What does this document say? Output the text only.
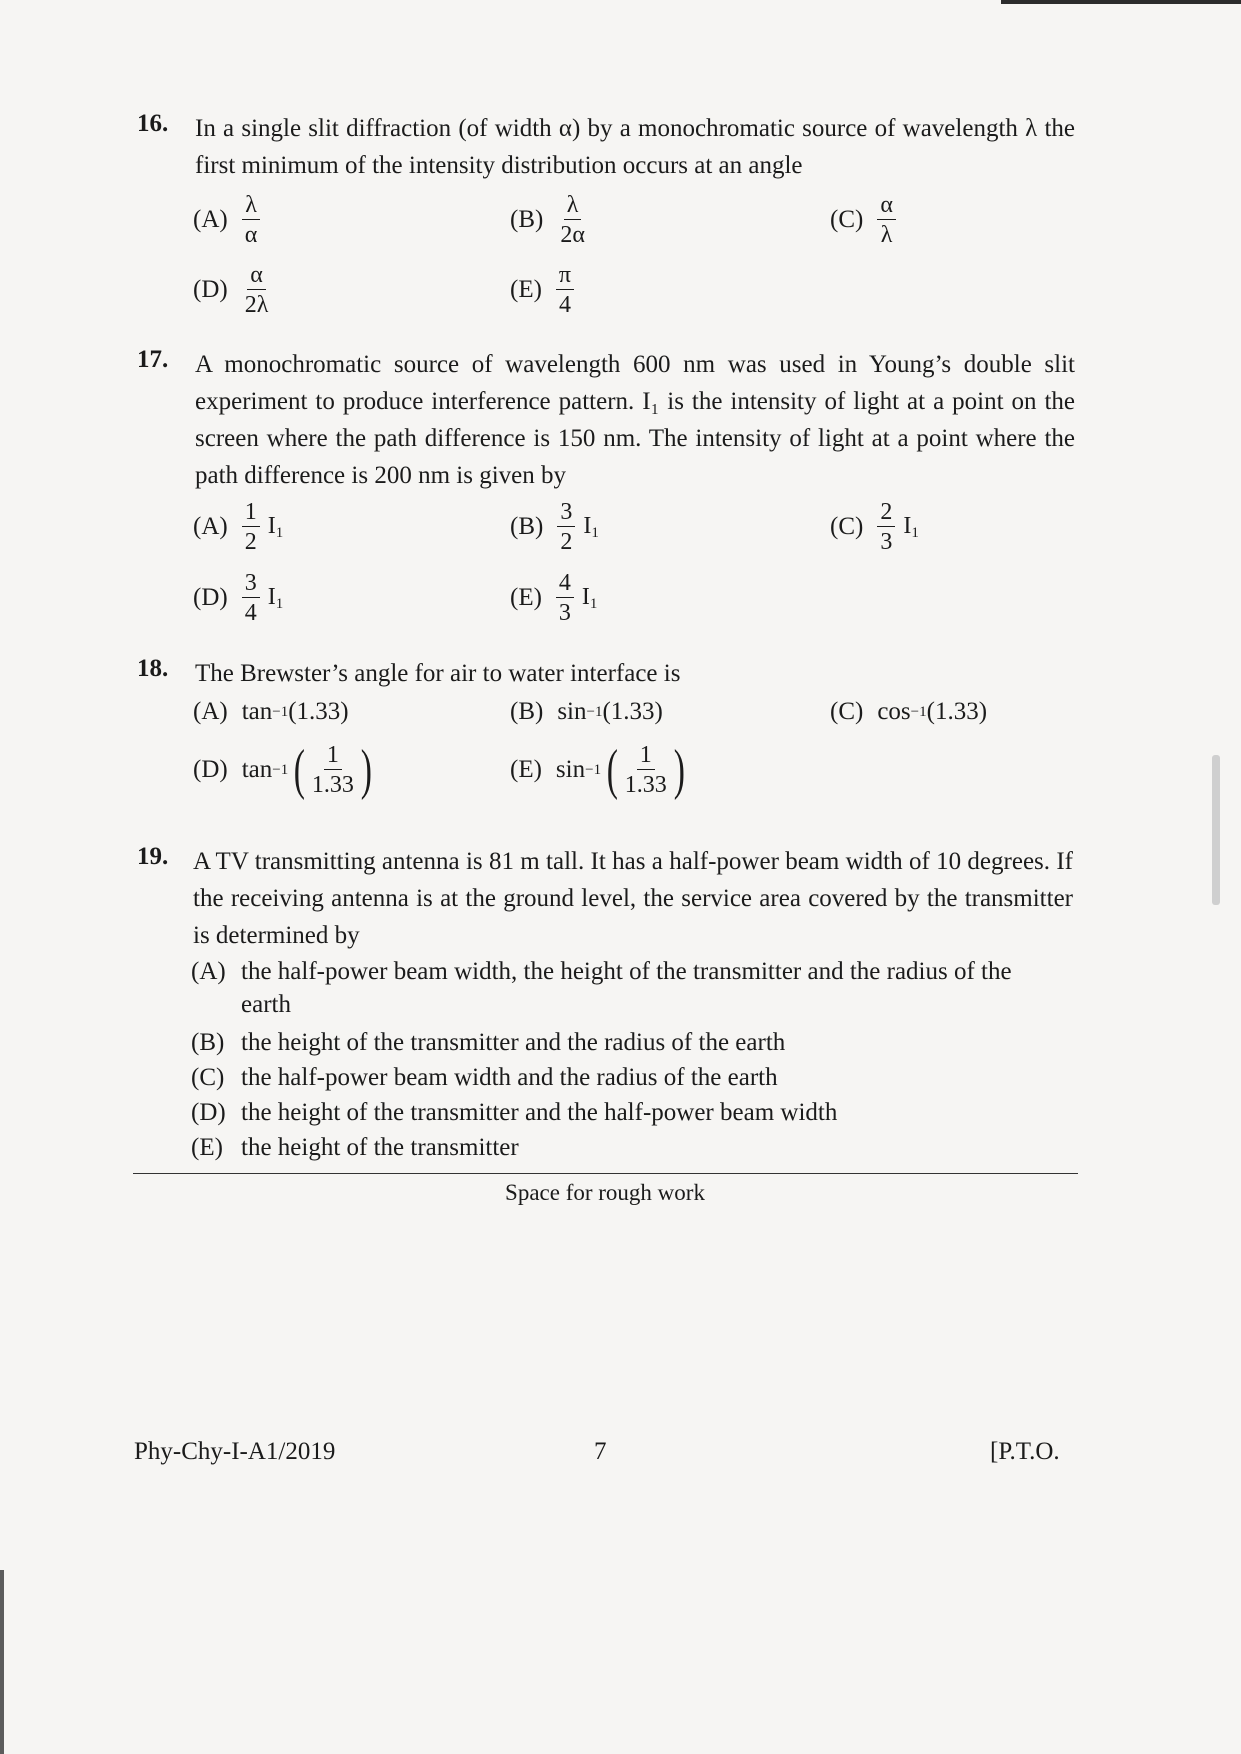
16. In a single slit diffraction (of width α) by a monochromatic source of wavelength λ the first minimum of the intensity distribution occurs at an angle
$(A) \frac{\lambda}{\alpha}$	$(B) \frac{\lambda}{2\alpha}$	$(C) \frac{\alpha}{\lambda}$
$(D) \frac{\alpha}{2\lambda}$	$(E) \frac{\pi}{4}$
17. A monochromatic source of wavelength 600 nm was used in Young’s double slit experiment to produce interference pattern. I₁ is the intensity of light at a point on the screen where the path difference is 150 nm. The intensity of light at a point where the path difference is 200 nm is given by
$(A) \frac{1}{2} I_1$	$(B) \frac{3}{2} I_1$	$(C) \frac{2}{3} I_1$
$(D) \frac{3}{4} I_1$	$(E) \frac{4}{3} I_1$
18. The Brewster’s angle for air to water interface is
(A) tan −1 (1.33)	(B) sin −1 (1.33)	(C) cos −1 (1.33)
(D) tan −1 ( $\frac{1}{1.33}$ )	(E) sin −1 ( $\frac{1}{1.33}$ )
19. A TV transmitting antenna is 81 m tall. It has a half-power beam width of 10 degrees. If the receiving antenna is at the ground level, the service area covered by the transmitter is determined by
(A) the half-power beam width, the height of the transmitter and the radius of the earth
(B) the height of the transmitter and the radius of the earth
(C) the half-power beam width and the radius of the earth
(D) the height of the transmitter and the half-power beam width
(E) the height of the transmitter
Space for rough work
Phy-Chy-I-A1/2019	7	[P.T.O.
